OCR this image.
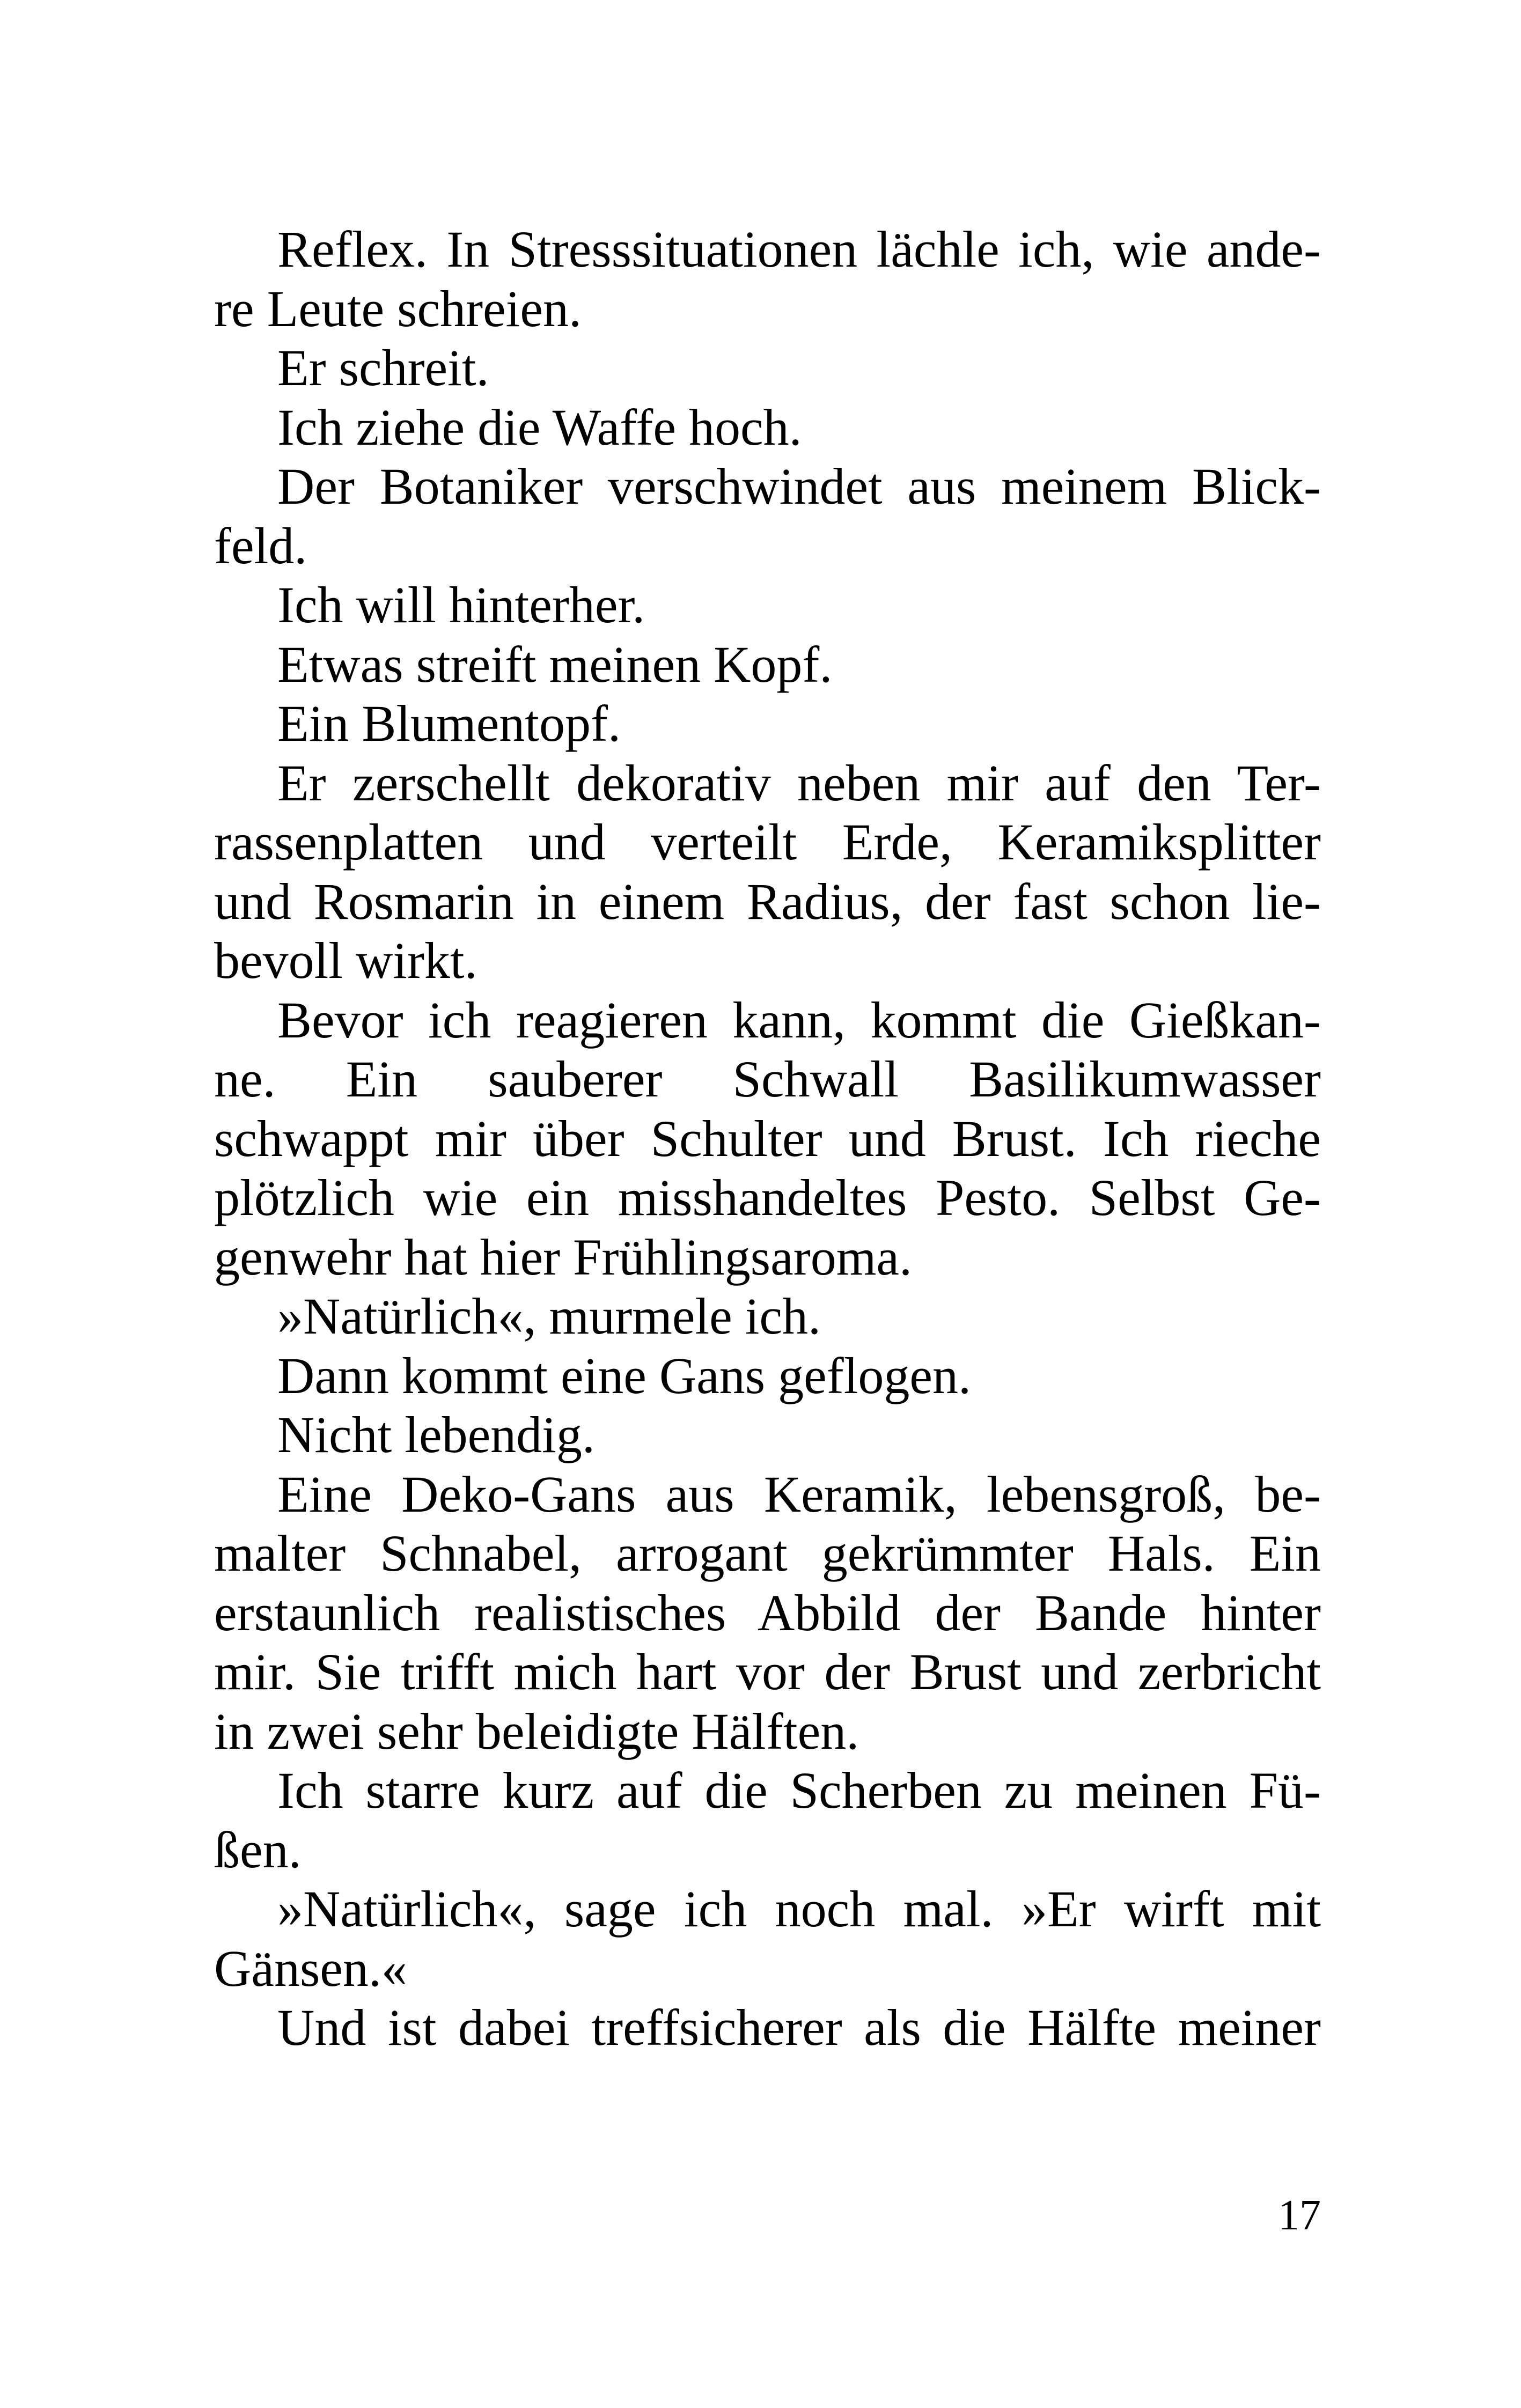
Reflex. In Stresssituationen lächle ich, wie ande-
re Leute schreien.
Er schreit.
Ich ziehe die Waffe hoch.
Der Botaniker verschwindet aus meinem Blick-
feld.
Ich will hinterher.
Etwas streift meinen Kopf.
Ein Blumentopf.
Er zerschellt dekorativ neben mir auf den Ter-
rassenplatten und verteilt Erde, Keramiksplitter
und Rosmarin in einem Radius, der fast schon lie-
bevoll wirkt.
Bevor ich reagieren kann, kommt die Gießkan-
ne. Ein sauberer Schwall Basilikumwasser
schwappt mir über Schulter und Brust. Ich rieche
plötzlich wie ein misshandeltes Pesto. Selbst Ge-
genwehr hat hier Frühlingsaroma.
»Natürlich«, murmele ich.
Dann kommt eine Gans geflogen.
Nicht lebendig.
Eine Deko-Gans aus Keramik, lebensgroß, be-
malter Schnabel, arrogant gekrümmter Hals. Ein
erstaunlich realistisches Abbild der Bande hinter
mir. Sie trifft mich hart vor der Brust und zerbricht
in zwei sehr beleidigte Hälften.
Ich starre kurz auf die Scherben zu meinen Fü-
ßen.
»Natürlich«, sage ich noch mal. »Er wirft mit
Gänsen.«
Und ist dabei treffsicherer als die Hälfte meiner
17
